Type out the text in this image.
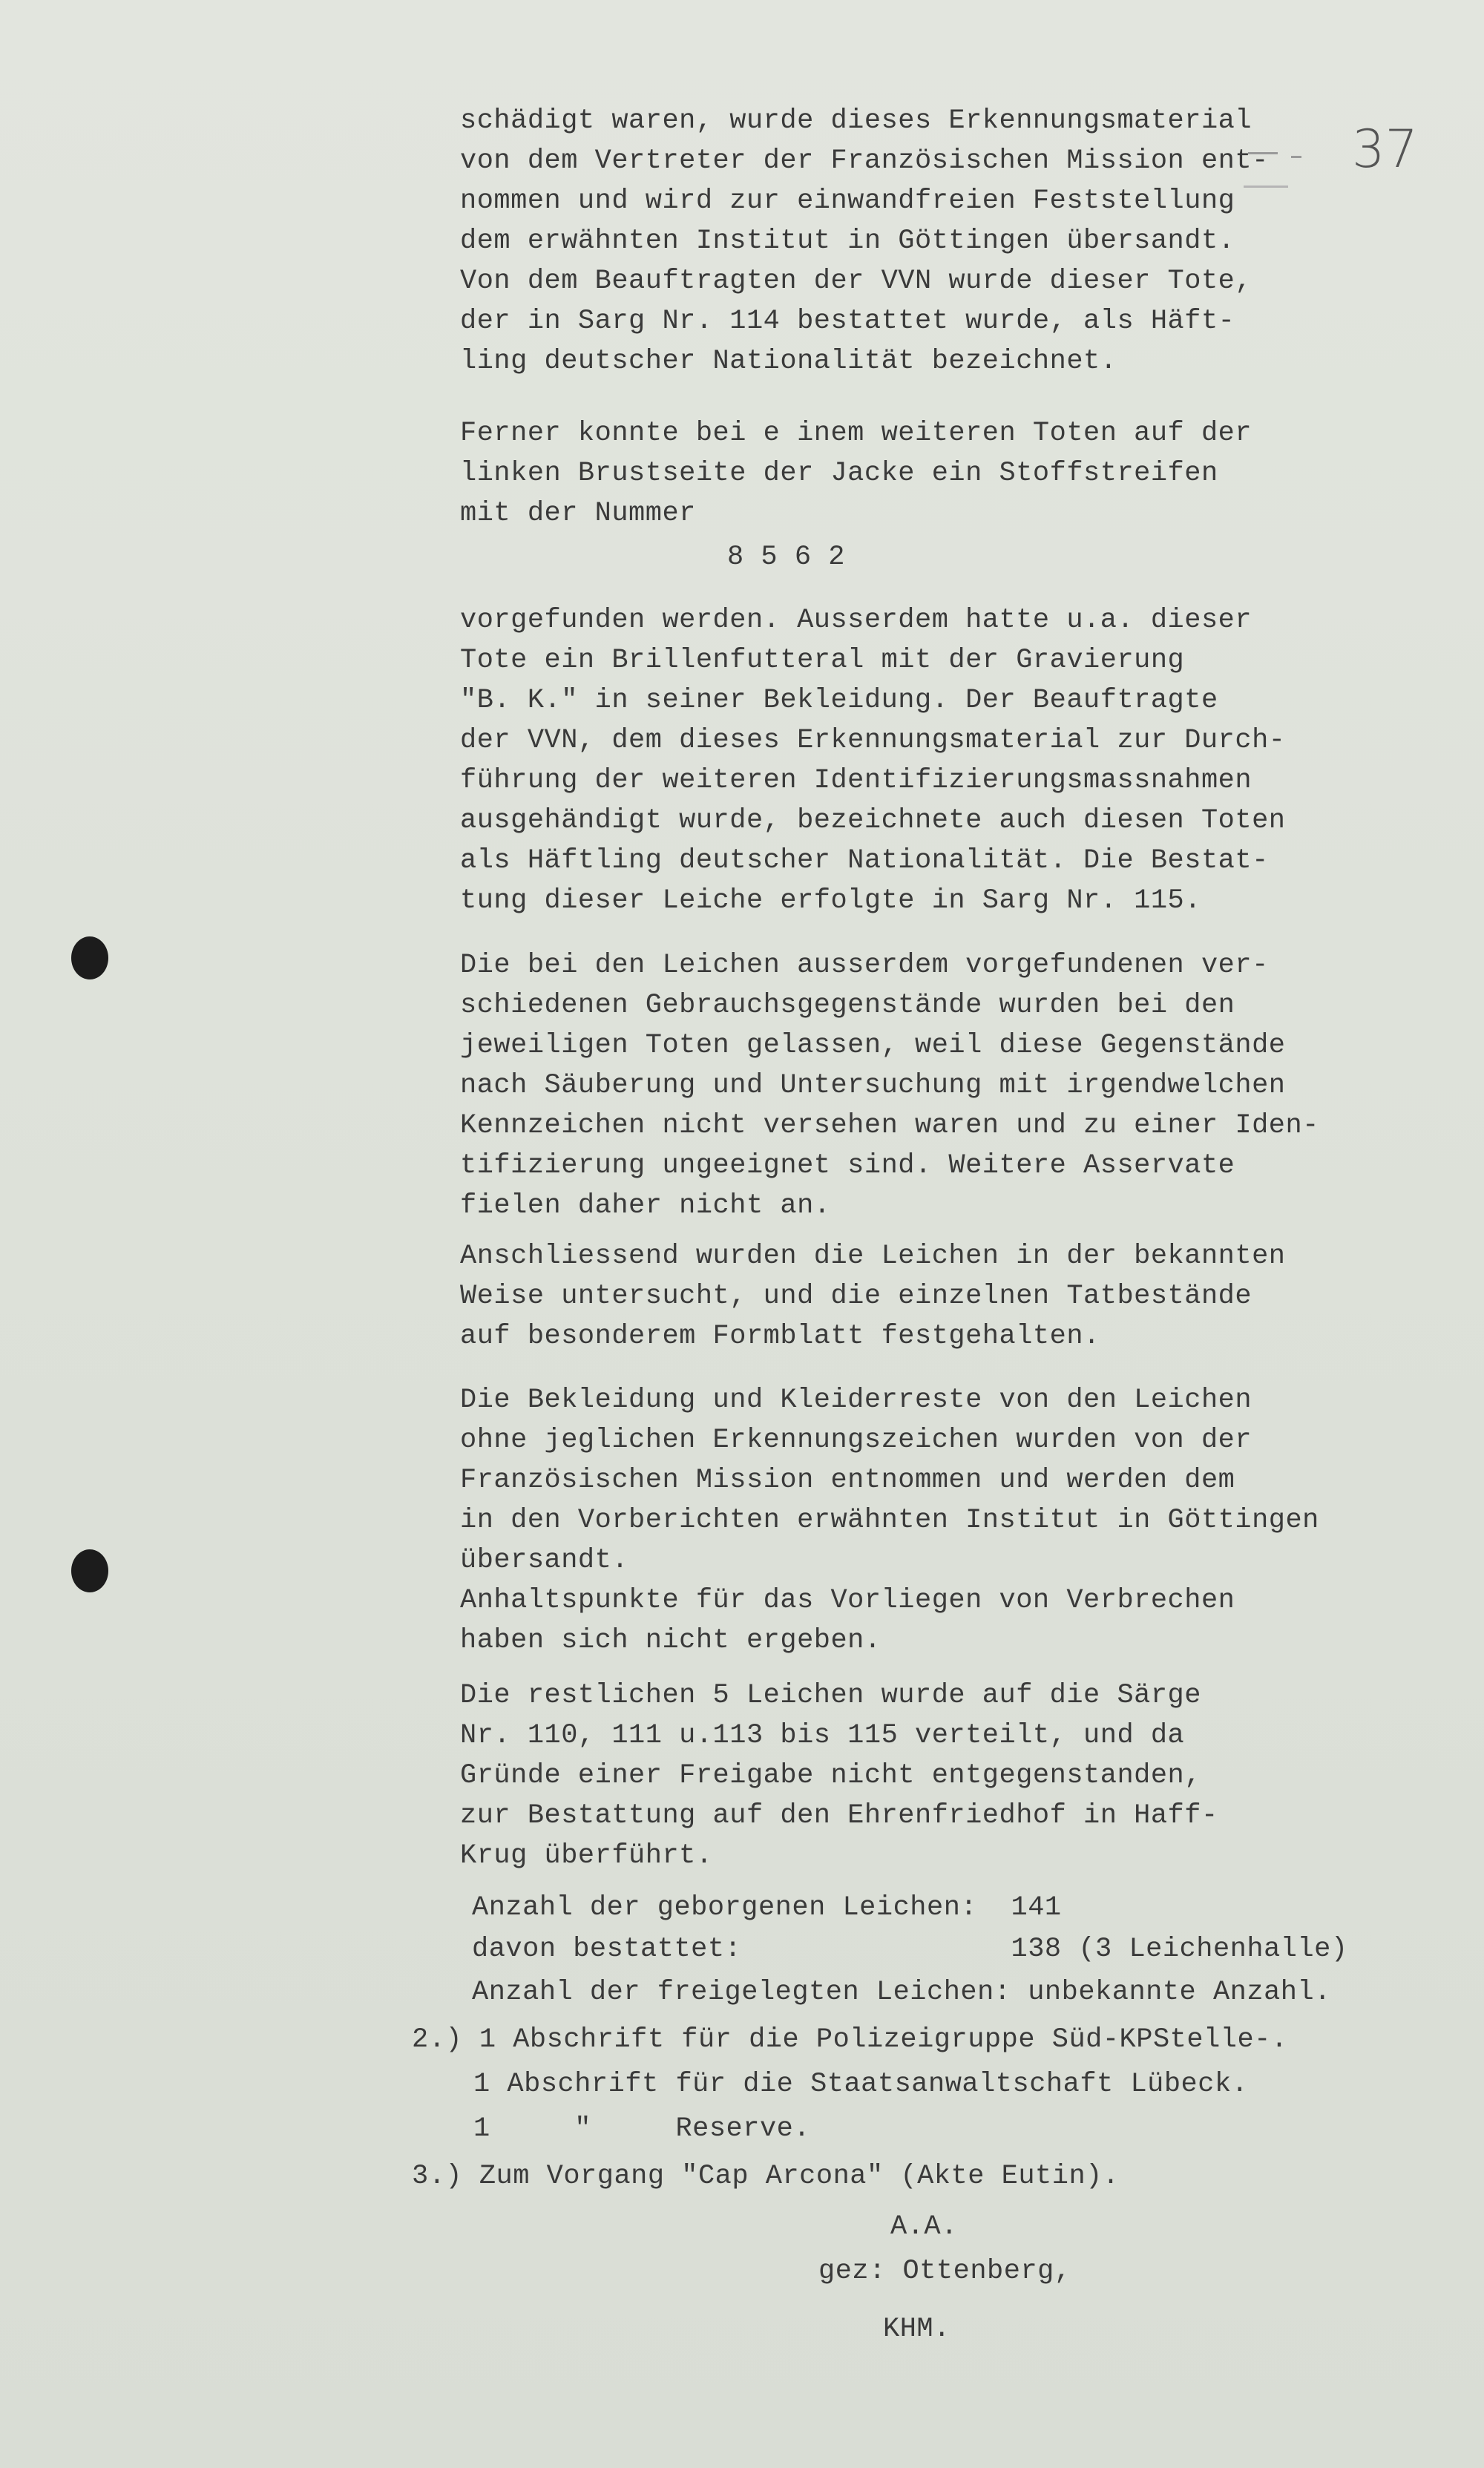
37
schädigt waren, wurde dieses Erkennungsmaterial
von dem Vertreter der Französischen Mission ent-
nommen und wird zur einwandfreien Feststellung
dem erwähnten Institut in Göttingen übersandt.
Von dem Beauftragten der VVN wurde dieser Tote,
der in Sarg Nr. 114 bestattet wurde, als Häft-
ling deutscher Nationalität bezeichnet.
Ferner konnte bei e inem weiteren Toten auf der
linken Brustseite der Jacke ein Stoffstreifen
mit der Nummer
8 5 6 2
vorgefunden werden. Ausserdem hatte u.a. dieser
Tote ein Brillenfutteral mit der Gravierung
"B. K." in seiner Bekleidung. Der Beauftragte
der VVN, dem dieses Erkennungsmaterial zur Durch-
führung der weiteren Identifizierungsmassnahmen
ausgehändigt wurde, bezeichnete auch diesen Toten
als Häftling deutscher Nationalität. Die Bestat-
tung dieser Leiche erfolgte in Sarg Nr. 115.
Die bei den Leichen ausserdem vorgefundenen ver-
schiedenen Gebrauchsgegenstände wurden bei den
jeweiligen Toten gelassen, weil diese Gegenstände
nach Säuberung und Untersuchung mit irgendwelchen
Kennzeichen nicht versehen waren und zu einer Iden-
tifizierung ungeeignet sind. Weitere Asservate
fielen daher nicht an.
Anschliessend wurden die Leichen in der bekannten
Weise untersucht, und die einzelnen Tatbestände
auf besonderem Formblatt festgehalten.
Die Bekleidung und Kleiderreste von den Leichen
ohne jeglichen Erkennungszeichen wurden von der
Französischen Mission entnommen und werden dem
in den Vorberichten erwähnten Institut in Göttingen
übersandt.
Anhaltspunkte für das Vorliegen von Verbrechen
haben sich nicht ergeben.
Die restlichen 5 Leichen wurde auf die Särge
Nr. 110, 111 u.113 bis 115 verteilt, und da
Gründe einer Freigabe nicht entgegenstanden,
zur Bestattung auf den Ehrenfriedhof in Haff-
Krug überführt.
Anzahl der geborgenen Leichen:  141
davon bestattet:                138 (3 Leichenhalle)
Anzahl der freigelegten Leichen: unbekannte Anzahl.
2.) 1 Abschrift für die Polizeigruppe Süd-KPStelle-.
1 Abschrift für die Staatsanwaltschaft Lübeck.
1     "     Reserve.
3.) Zum Vorgang "Cap Arcona" (Akte Eutin).
A.A.
gez: Ottenberg,
KHM.
